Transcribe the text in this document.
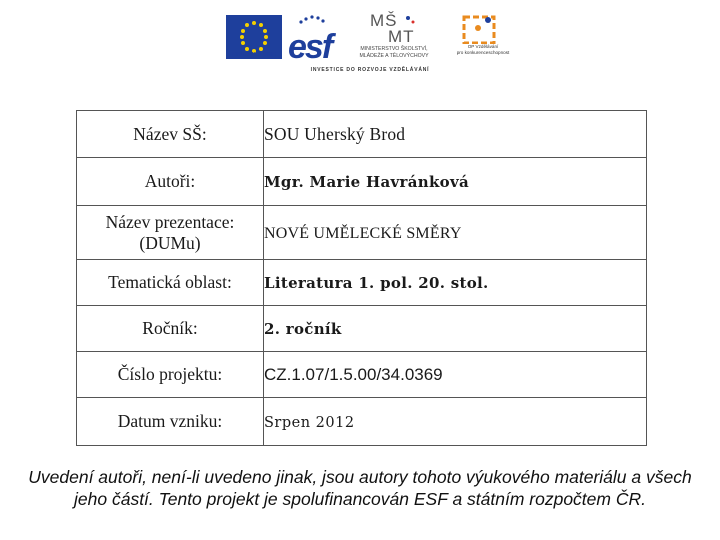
EVROPSKÁ UNIE esf
MŠ
MT
MINISTERSTVO ŠKOLSTVÍ,
MLÁDEŽE A TĚLOVÝCHOVY
OP Vzdělávání
pro konkurenceschopnost
INVESTICE DO ROZVOJE VZDĚLÁVÁNÍ
Název SŠ:	SOU Uherský Brod
Autoři:	Mgr. Marie Havránková
Název prezentace: (DUMu)	NOVÉ UMĚLECKÉ SMĚRY
Tematická oblast:	Literatura 1. pol. 20. stol.
Ročník:	2. ročník
Číslo projektu:	CZ.1.07/1.5.00/34.0369
Datum vzniku:	Srpen 2012
Uvedení autoři, není-li uvedeno jinak, jsou autory tohoto výukového materiálu a všech jeho částí. Tento projekt je spolufinancován ESF a státním rozpočtem ČR.
